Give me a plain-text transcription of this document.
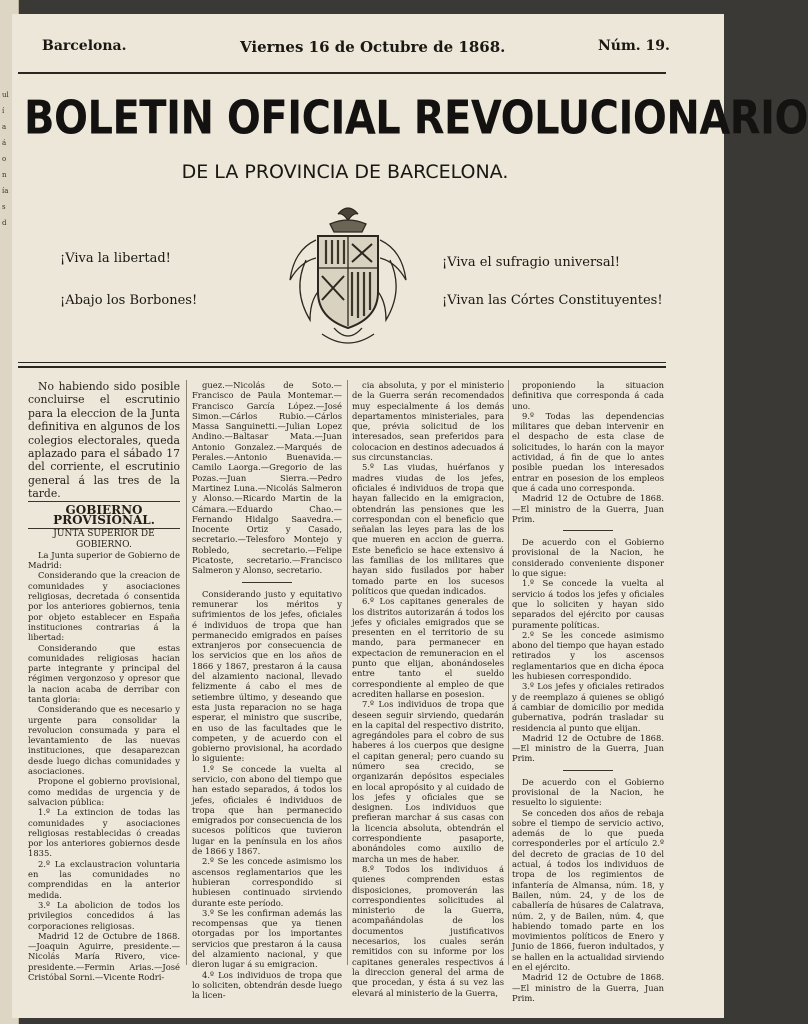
ul
í
a
á
o
n
ía
s
d
Barcelona.	Viernes 16 de Octubre de 1868.	Núm. 19.
BOLETIN OFICIAL REVOLUCIONARIO
DE LA PROVINCIA DE BARCELONA.
¡Viva la libertad!
¡Abajo los Borbones!
¡Viva el sufragio universal!
¡Vivan las Córtes Constituyentes!

No habiendo sido posible concluirse el escrutinio para la eleccion de la Junta definitiva en algunos de los colegios electorales, queda aplazado para el sábado 17 del corriente, el escrutinio general á las tres de la tarde.

GOBIERNO PROVISIONAL.

JUNTA SUPERIOR DE GOBIERNO.

La Junta superior de Gobierno de Madrid:

Considerando que la creacion de comunidades y asociaciones religiosas, decretada ó consentida por los anteriores gobiernos, tenia por objeto establecer en España instituciones contrarias á la libertad:

Considerando que estas comunidades religiosas hacian parte integrante y principal del régimen vergonzoso y opresor que la nacion acaba de derribar con tanta gloria:

Considerando que es necesario y urgente para consolidar la revolucion consumada y para el levantamiento de las nuevas instituciones, que desaparezcan desde luego dichas comunidades y asociaciones.

Propone el gobierno provisional, como medidas de urgencia y de salvacion pública:

1.º La extincion de todas las comunidades y asociaciones religiosas restablecidas ó creadas por los anteriores gobiernos desde 1835.

2.º La exclaustracion voluntaria en las comunidades no comprendidas en la anterior medida.

3.º La abolicion de todos los privilegios concedidos á las corporaciones religiosas.

Madrid 12 de Octubre de 1868.—Joaquin Aguirre, presidente.—Nicolás María Rivero, vice-presidente.—Fermin Arias.—José Cristóbal Sorni.—Vicente Rodri-

guez.—Nicolás de Soto.—Francisco de Paula Montemar.—Francisco García López.—José Simon.—Cárlos Rubio.—Cárlos Massa Sanguinetti.—Julian Lopez Andino.—Baltasar Mata.—Juan Antonio Gonzalez.—Marqués de Perales.—Antonio Buenavida.—Camilo Laorga.—Gregorio de las Pozas.—Juan Sierra.—Pedro Martinez Luna.—Nicolás Salmeron y Alonso.—Ricardo Martin de la Cámara.—Eduardo Chao.—Fernando Hidalgo Saavedra.—Inocente Ortiz y Casado, secretario.—Telesforo Montejo y Robledo, secretario.—Felipe Picatoste, secretario.—Francisco Salmeron y Alonso, secretario.

Considerando justo y equitativo remunerar los méritos y sufrimientos de los jefes, oficiales é individuos de tropa que han permanecido emigrados en países extranjeros por consecuencia de los servicios que en los años de 1866 y 1867, prestaron á la causa del alzamiento nacional, llevado felizmente á cabo el mes de setiembre último, y deseando que esta justa reparacion no se haga esperar, el ministro que suscribe, en uso de las facultades que le competen, y de acuerdo con el gobierno provisional, ha acordado lo siguiente:

1.º Se concede la vuelta al servicio, con abono del tiempo que han estado separados, á todos los jefes, oficiales é individuos de tropa que han permanecido emigrados por consecuencia de los sucesos políticos que tuvieron lugar en la península en los años de 1866 y 1867.

2.º Se les concede asimismo los ascensos reglamentarios que les hubieran correspondido si hubiesen continuado sirviendo durante este período.

3.º Se les confirman además las recompensas que ya tienen otorgadas por los importantes servicios que prestaron á la causa del alzamiento nacional, y que dieron lugar á su emigracion.

4.º Los individuos de tropa que lo soliciten, obtendrán desde luego la licen-

cia absoluta, y por el ministerio de la Guerra serán recomendados muy especialmente á los demás departamentos ministeriales, para que, prévia solicitud de los interesados, sean preferidos para colocacion en destinos adecuados á sus circunstancias.

5.º Las viudas, huérfanos y madres viudas de los jefes, oficiales é individuos de tropa que hayan fallecido en la emigracion, obtendrán las pensiones que les correspondan con el beneficio que señalan las leyes para las de los que mueren en accion de guerra. Este beneficio se hace extensivo á las familias de los militares que hayan sido fusilados por haber tomado parte en los sucesos políticos que quedan indicados.

6.º Los capitanes generales de los distritos autorizarán á todos los jefes y oficiales emigrados que se presenten en el territorio de su mando, para permanecer en expectacion de remuneracion en el punto que elijan, abonándoseles entre tanto el sueldo correspondiente al empleo de que acrediten hallarse en posesion.

7.º Los individuos de tropa que deseen seguir sirviendo, quedarán en la capital del respectivo distrito, agregándoles para el cobro de sus haberes á los cuerpos que designe el capitan general; pero cuando su número sea crecido, se organizarán depósitos especiales en local apropósito y al cuidado de los jefes y oficiales que se designen. Los individuos que prefieran marchar á sus casas con la licencia absoluta, obtendrán el correspondiente pasaporte, abonándoles como auxilio de marcha un mes de haber.

8.º Todos los individuos á quienes comprenden estas disposiciones, promoverán las correspondientes solicitudes al ministerio de la Guerra, acompañándolas de los documentos justificativos necesarios, los cuales serán remitidos con su informe por los capitanes generales respectivos á la direccion general del arma de que procedan, y ésta á su vez las elevará al ministerio de la Guerra,

proponiendo la situacion definitiva que corresponda á cada uno.

9.º Todas las dependencias militares que deban intervenir en el despacho de esta clase de solicitudes, lo harán con la mayor actividad, á fin de que lo antes posible puedan los interesados entrar en posesion de los empleos que á cada uno corresponda.

Madrid 12 de Octubre de 1868.—El ministro de la Guerra, Juan Prim.

De acuerdo con el Gobierno provisional de la Nacion, he considerado conveniente disponer lo que sigue:

1.º Se concede la vuelta al servicio á todos los jefes y oficiales que lo soliciten y hayan sido separados del ejército por causas puramente políticas.

2.º Se les concede asimismo abono del tiempo que hayan estado retirados y los ascensos reglamentarios que en dicha época les hubiesen correspondido.

3.º Los jefes y oficiales retirados y de reemplazo á quienes se obligó á cambiar de domicilio por medida gubernativa, podrán trasladar su residencia al punto que elijan.

Madrid 12 de Octubre de 1868.—El ministro de la Guerra, Juan Prim.

De acuerdo con el Gobierno provisional de la Nacion, he resuelto lo siguiente:

Se conceden dos años de rebaja sobre el tiempo de servicio activo, además de lo que pueda corresponderles por el artículo 2.º del decreto de gracias de 10 del actual, á todos los individuos de tropa de los regimientos de infantería de Almansa, núm. 18, y Bailen, núm. 24, y de los de caballería de húsares de Calatrava, núm. 2, y de Bailen, núm. 4, que habiendo tomado parte en los movimientos políticos de Enero y Junio de 1866, fueron indultados, y se hallen en la actualidad sirviendo en el ejército.

Madrid 12 de Octubre de 1868.—El ministro de la Guerra, Juan Prim.
